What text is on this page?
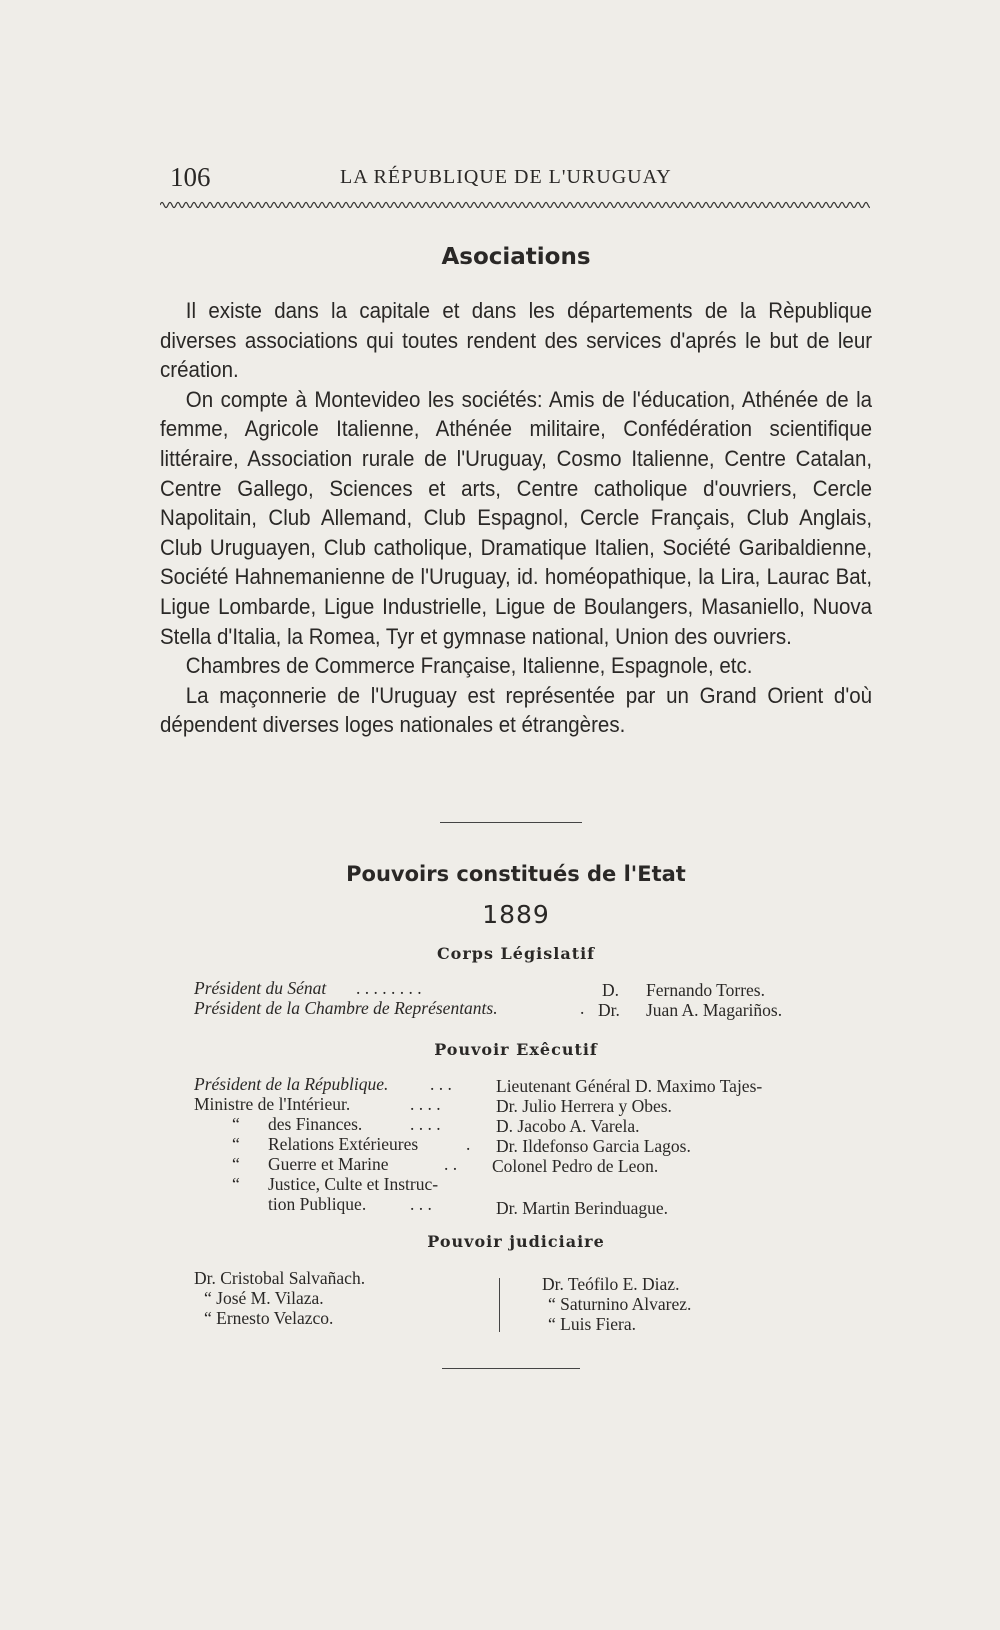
106	LA RÉPUBLIQUE DE L'URUGUAY
Asociations

Il existe dans la capitale et dans les départements de la Rèpublique diverses associations qui toutes rendent des services d'aprés le but de leur création.

On compte à Montevideo les sociétés: Amis de l'éducation, Athénée de la femme, Agricole Italienne, Athénée militaire, Confédération scientifique littéraire, Association rurale de l'Uruguay, Cosmo Italienne, Centre Catalan, Centre Gallego, Sciences et arts, Centre catholique d'ouvriers, Cercle Napolitain, Club Allemand, Club Espagnol, Cercle Français, Club Anglais, Club Uruguayen, Club catholique, Dramatique Italien, Société Garibaldienne, Société Hahnemanienne de l'Uruguay, id. homéopathique, la Lira, Laurac Bat, Ligue Lombarde, Ligue Industrielle, Ligue de Boulangers, Masaniello, Nuova Stella d'Italia, la Romea, Tyr et gymnase national, Union des ouvriers.

Chambres de Commerce Française, Italienne, Espagnole, etc.

La maçonnerie de l'Uruguay est représentée par un Grand Orient d'où dépendent diverses loges nationales et étrangères.

Pouvoirs constitués de l'Etat
1889
Corps Législatif
Président du Sénat . . . . . . . .	D. Fernando Torres.
Président de la Chambre de Représentants.	. Dr. Juan A. Magariños.
Pouvoir Exêcutif
Président de la République. . . .	Lieutenant Général D. Maximo Tajes-
Ministre de l'Intérieur.	. . . .	Dr. Julio Herrera y Obes.
“ des Finances.	. . . .	D. Jacobo A. Varela.
“ Relations Extérieures	. Dr. Ildefonso Garcia Lagos.
“ Guerre et Marine	. . Colonel Pedro de Leon.
“ Justice, Culte et Instruc-
tion Publique.	. . .	Dr. Martin Berinduague.
Pouvoir judiciaire
Dr. Cristobal Salvañach.
“ José M. Vilaza.
“ Ernesto Velazco.
Dr. Teófilo E. Diaz.
“ Saturnino Alvarez.
“ Luis Fiera.
